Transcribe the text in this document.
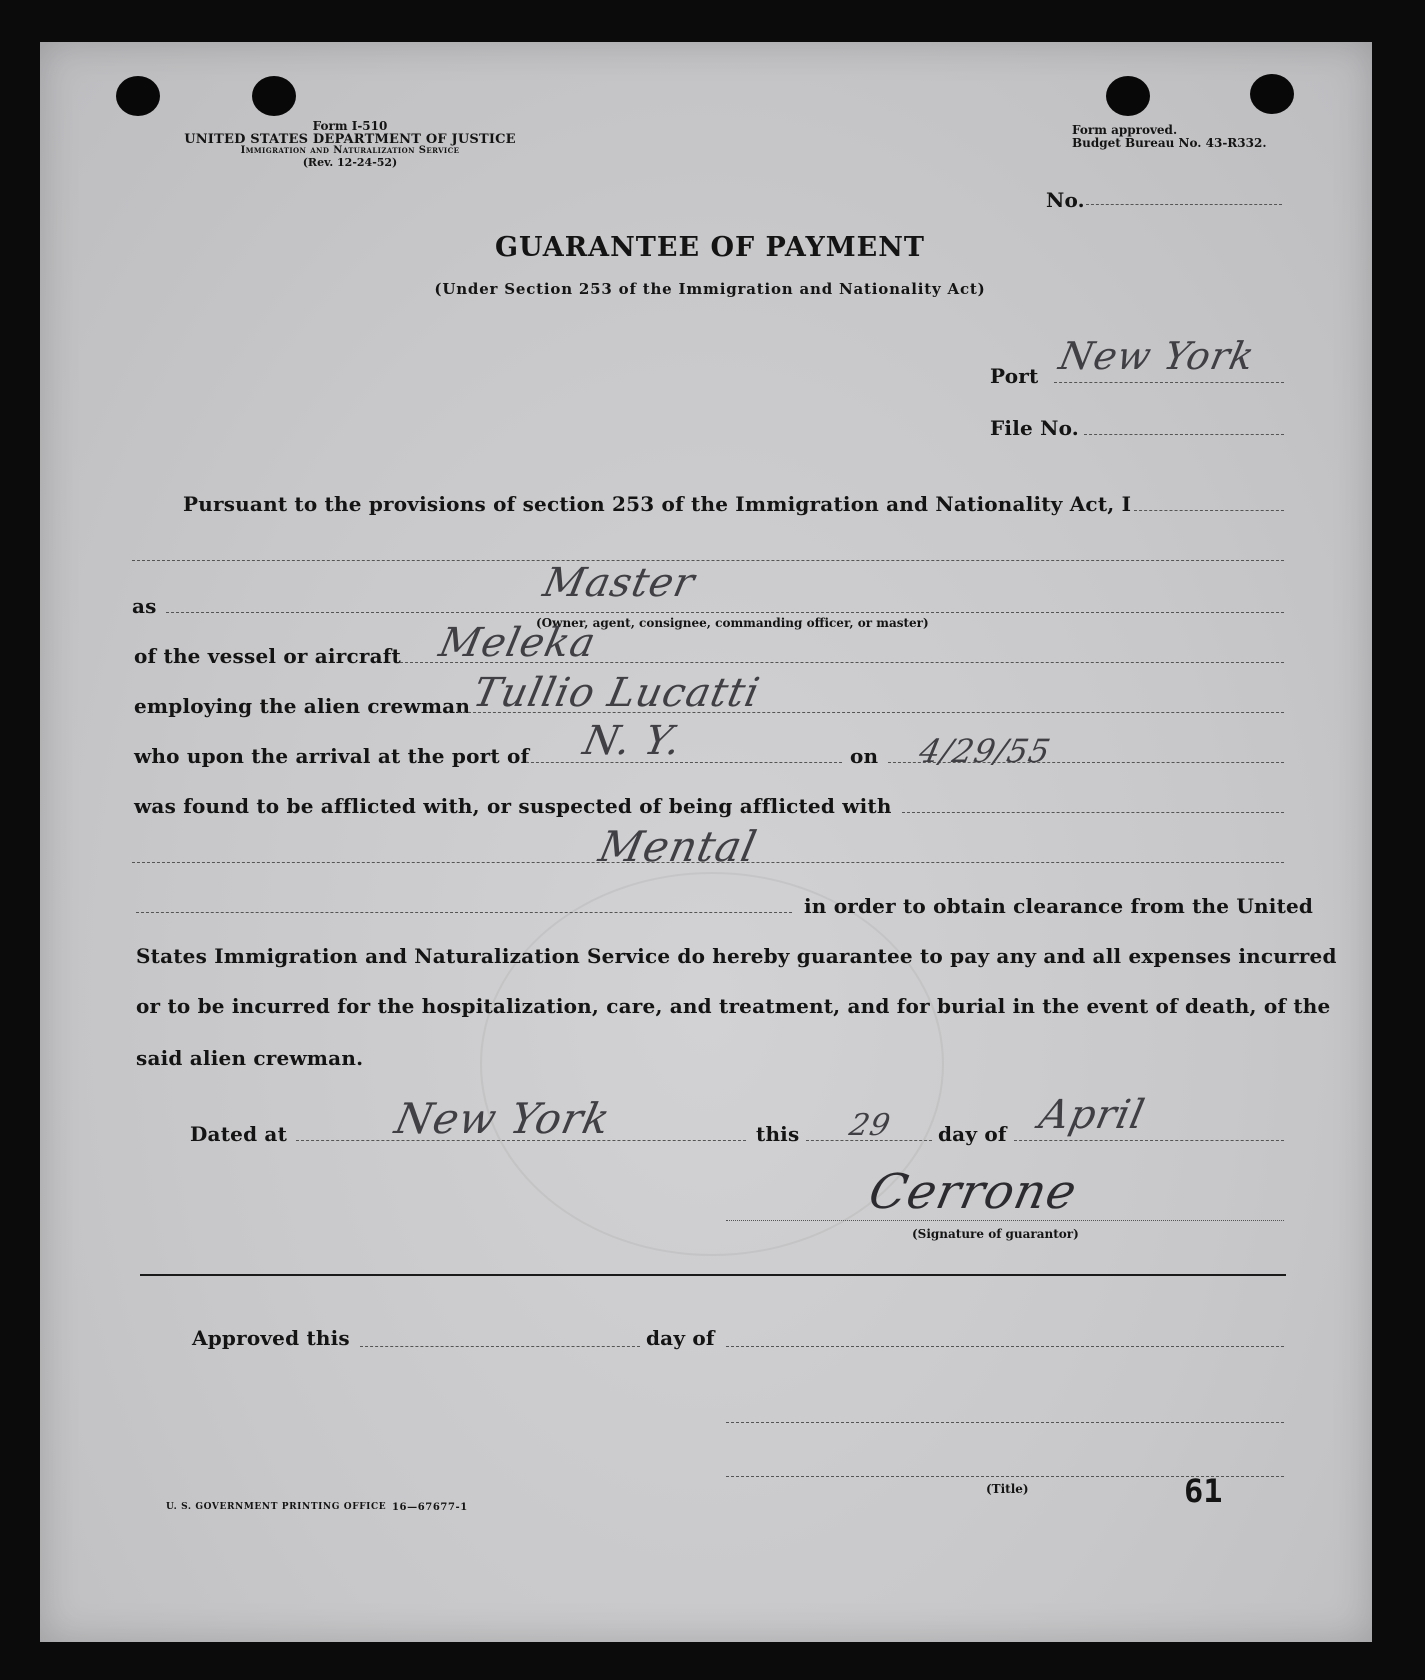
Form I-510
UNITED STATES DEPARTMENT OF JUSTICE
Immigration and Naturalization Service
(Rev. 12-24-52)
Form approved.
Budget Bureau No. 43-R332.
No.
GUARANTEE OF PAYMENT
(Under Section 253 of the Immigration and Nationality Act)
Port New York
File No.
Pursuant to the provisions of section 253 of the Immigration and Nationality Act, I
as	Master
(Owner, agent, consignee, commanding officer, or master)
of the vessel or aircraft Meleka
employing the alien crewman Tullio Lucatti
who upon the arrival at the port of N. Y.	on 4/29/55
was found to be afflicted with, or suspected of being afflicted with
Mental
in order to obtain clearance from the United
States Immigration and Naturalization Service do hereby guarantee to pay any and all expenses incurred
or to be incurred for the hospitalization, care, and treatment, and for burial in the event of death, of the
said alien crewman.
Dated at New York	this 29 day of April
Cerrone
(Signature of guarantor)
Approved this	day of
(Title)
U. S. GOVERNMENT PRINTING OFFICE 16—67677-1	61
